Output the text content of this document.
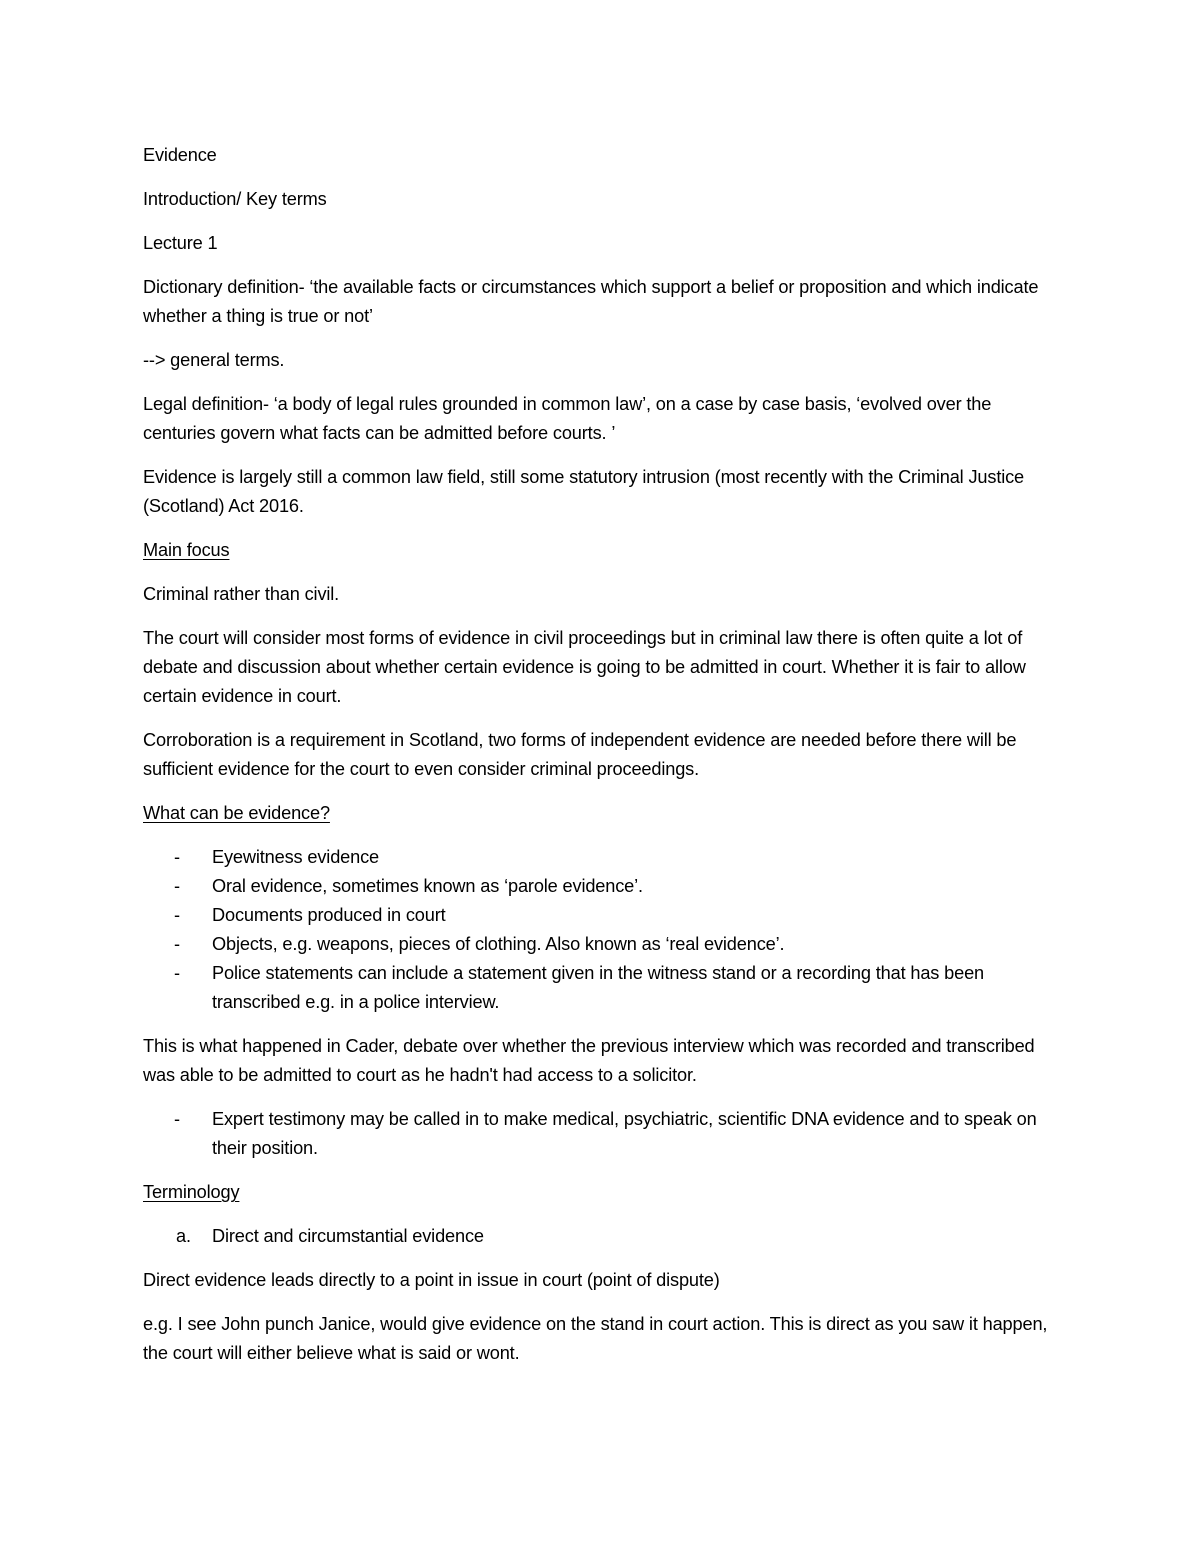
Evidence

Introduction/ Key terms

Lecture 1

Dictionary definition- ‘the available facts or circumstances which support a belief or proposition and which indicate whether a thing is true or not’

--> general terms.

Legal definition- ‘a body of legal rules grounded in common law’, on a case by case basis, ‘evolved over the centuries govern what facts can be admitted before courts. ’

Evidence is largely still a common law field, still some statutory intrusion (most recently with the Criminal Justice (Scotland) Act 2016.

Main focus

Criminal rather than civil.

The court will consider most forms of evidence in civil proceedings but in criminal law there is often quite a lot of debate and discussion about whether certain evidence is going to be admitted in court. Whether it is fair to allow certain evidence in court.

Corroboration is a requirement in Scotland, two forms of independent evidence are needed before there will be sufficient evidence for the court to even consider criminal proceedings.

What can be evidence?

- Eyewitness evidence
- Oral evidence, sometimes known as ‘parole evidence’.
- Documents produced in court
- Objects, e.g. weapons, pieces of clothing. Also known as ‘real evidence’.
- Police statements can include a statement given in the witness stand or a recording that has been transcribed e.g. in a police interview.

This is what happened in Cader, debate over whether the previous interview which was recorded and transcribed was able to be admitted to court as he hadn't had access to a solicitor.

- Expert testimony may be called in to make medical, psychiatric, scientific DNA evidence and to speak on their position.

Terminology

a. Direct and circumstantial evidence

Direct evidence leads directly to a point in issue in court (point of dispute)

e.g. I see John punch Janice, would give evidence on the stand in court action. This is direct as you saw it happen, the court will either believe what is said or wont.
